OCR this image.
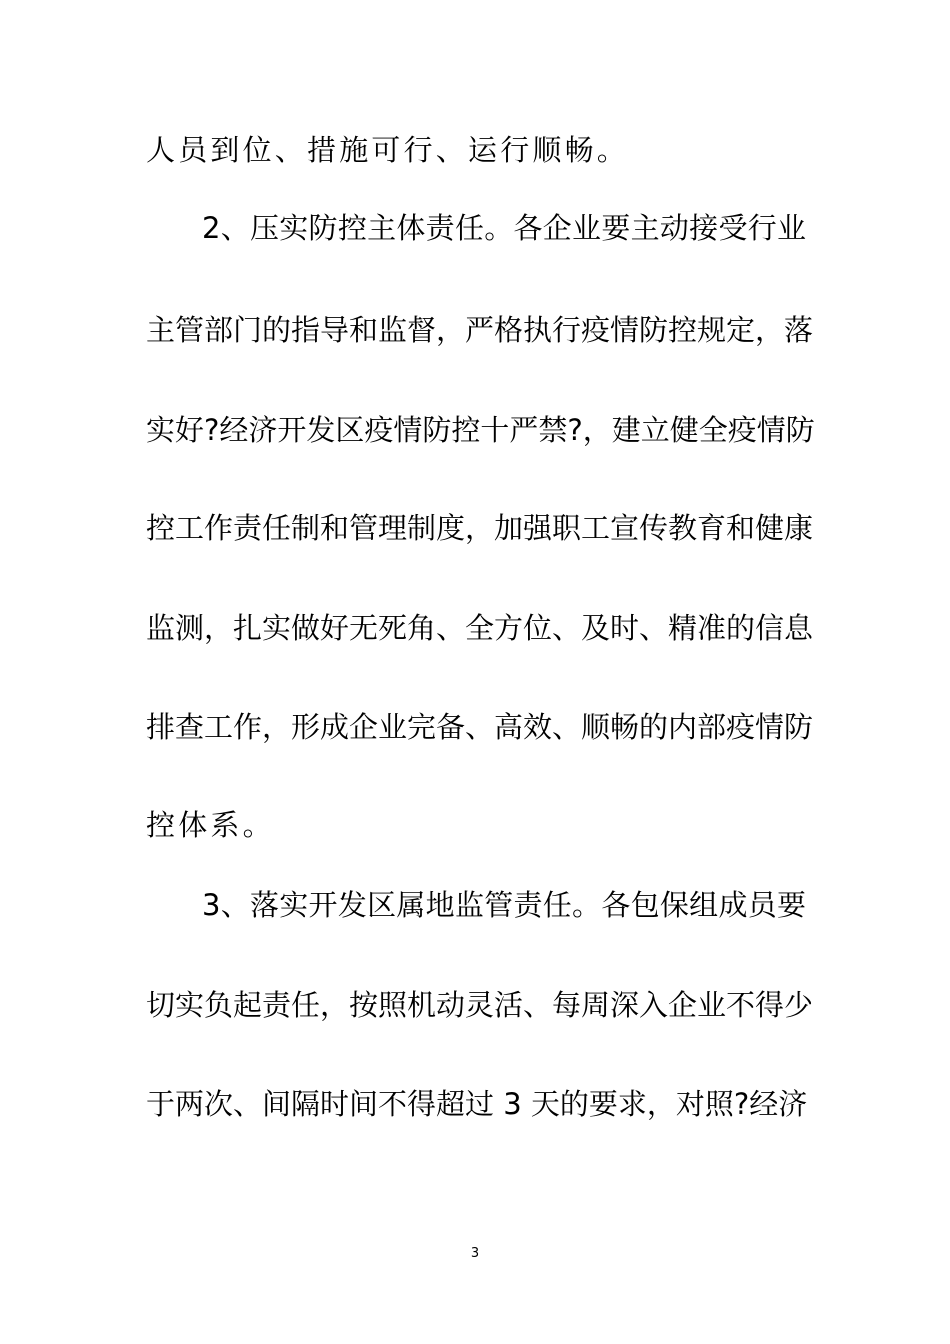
人员到位、措施可行、运行顺畅。
2、压实防控主体责任。各企业要主动接受行业
主管部门的指导和监督，严格执行疫情防控规定，落
实好?经济开发区疫情防控十严禁?，建立健全疫情防
控工作责任制和管理制度，加强职工宣传教育和健康
监测，扎实做好无死角、全方位、及时、精准的信息
排查工作，形成企业完备、高效、顺畅的内部疫情防
控体系。
3、落实开发区属地监管责任。各包保组成员要
切实负起责任，按照机动灵活、每周深入企业不得少
于两次、间隔时间不得超过 3 天的要求，对照?经济
3
